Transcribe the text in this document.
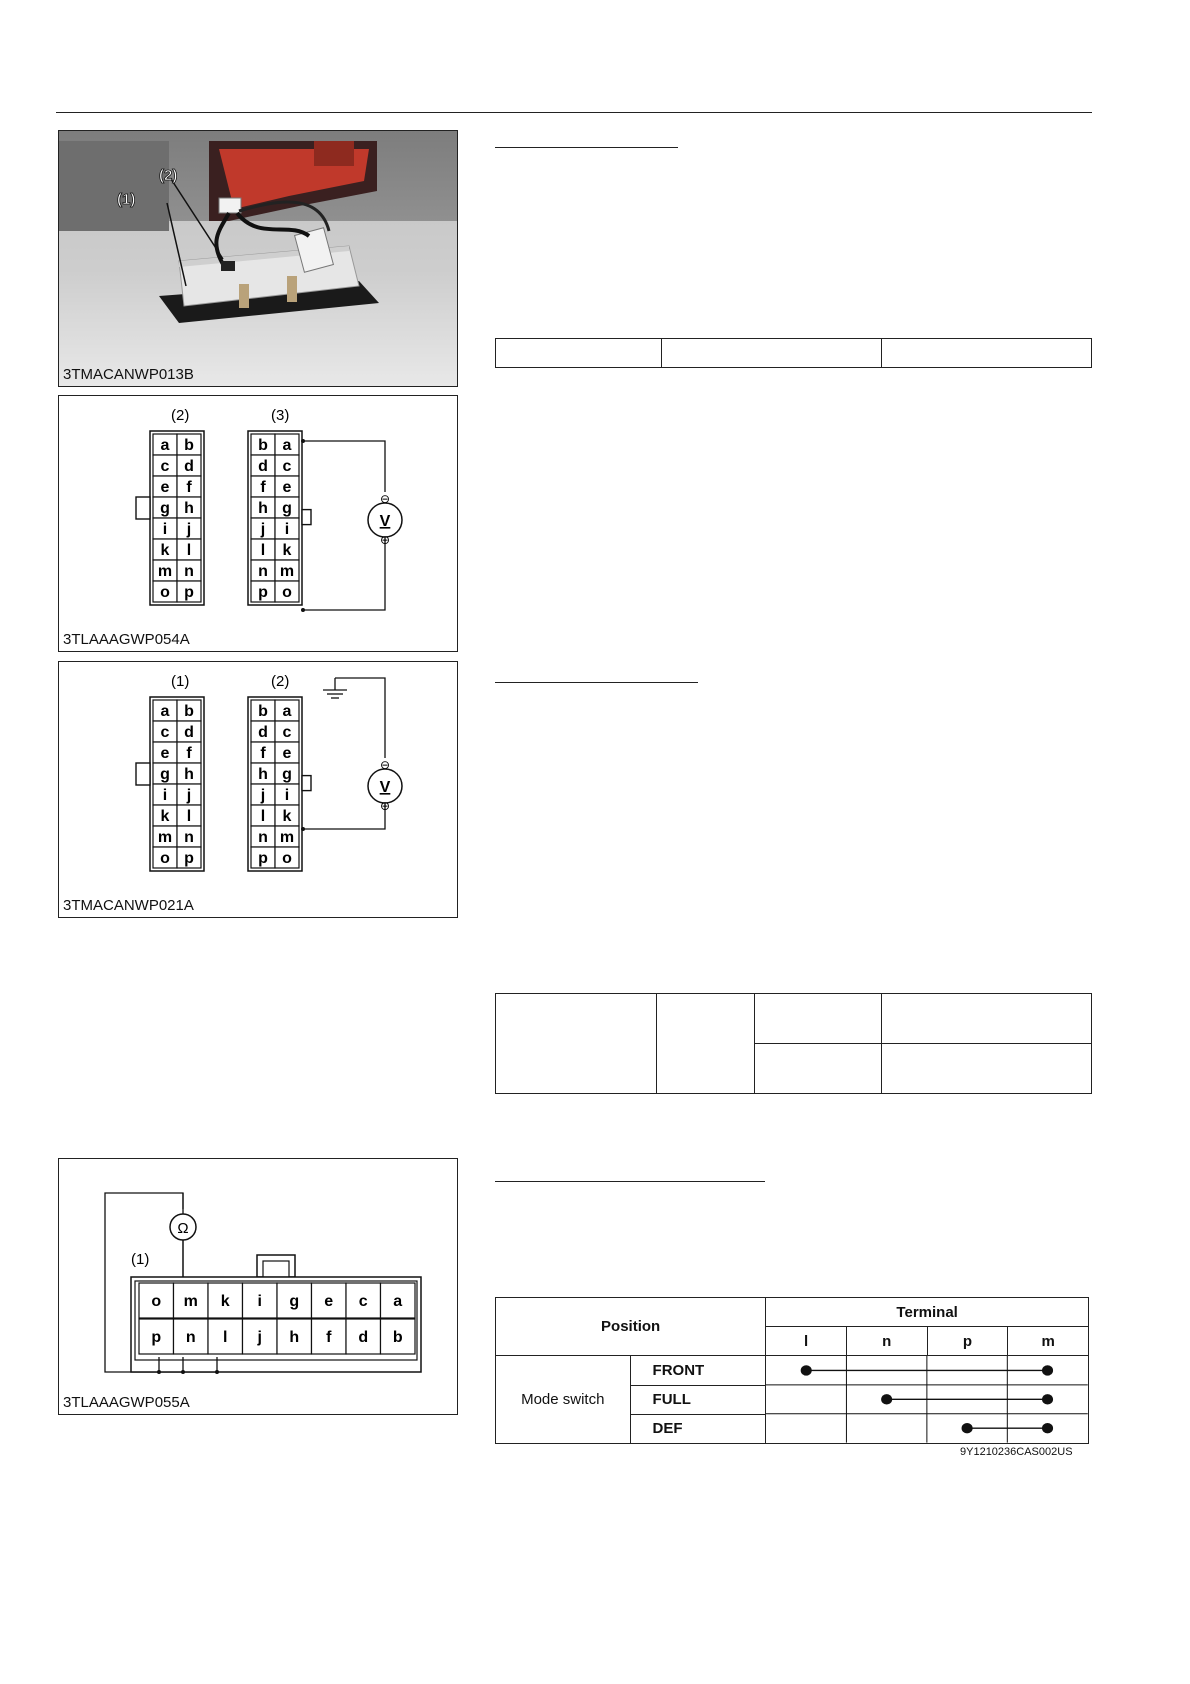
(1)
(2)
3TMACANWP013B
(2)	(3)
a b
c d
e f
g h
i j
k l
m n
o p
b a
d c
f e
h g
j i
l k
n m
p o
V
⊖
⊕
3TLAAAGWP054A
(1)	(2)
a b
c d
e f
g h
i j
k l
m n
o p
b a
d c
f e
h g
j i
l k
n m
p o
V
⊖
⊕
3TMACANWP021A
Ω
(1)
o m k i g e c a
p n l j h f d b
3TLAAAGWP055A

Position		Terminal			
		l	n	p	m
Mode switch	FRONT	

	FULL				
	DEF				
9Y1210236CAS002US
